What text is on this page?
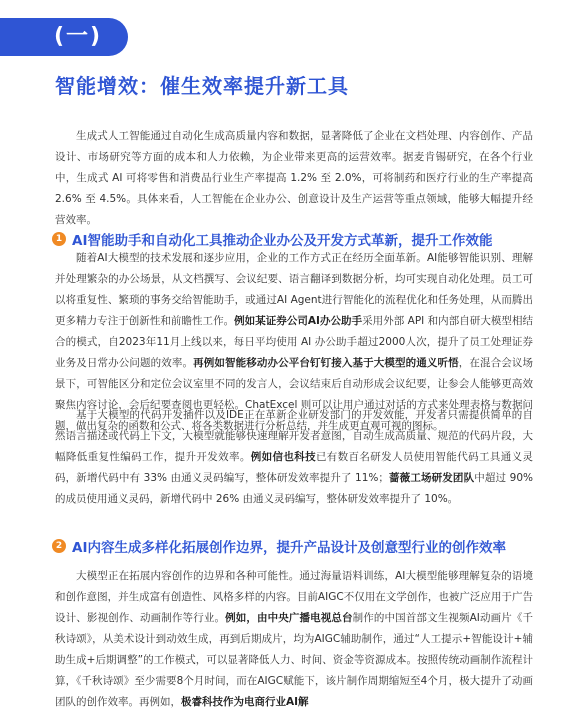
(一)
智能增效：催生效率提升新工具
生成式人工智能通过自动化生成高质量内容和数据，显著降低了企业在文档处理、内容创作、产品设计、市场研究等方面的成本和人力依赖，为企业带来更高的运营效率。据麦肯锡研究，在各个行业中，生成式 AI 可将零售和消费品行业生产率提高 1.2% 至 2.0%，可将制药和医疗行业的生产率提高 2.6% 至 4.5%。具体来看，人工智能在企业办公、创意设计及生产运营等重点领域，能够大幅提升经营效率。
1 AI智能助手和自动化工具推动企业办公及开发方式革新，提升工作效能
随着AI大模型的技术发展和逐步应用，企业的工作方式正在经历全面革新。AI能够智能识别、理解并处理繁杂的办公场景，从文档撰写、会议纪要、语言翻译到数据分析，均可实现自动化处理。员工可以将重复性、繁琐的事务交给智能助手，或通过AI Agent进行智能化的流程优化和任务处理，从而腾出更多精力专注于创新性和前瞻性工作。例如某证券公司AI办公助手采用外部 API 和内部自研大模型相结合的模式，自2023年11月上线以来，每日平均使用 AI 办公助手超过2000人次，提升了员工处理证券业务及日常办公问题的效率。再例如智能移动办公平台钉钉接入基于大模型的通义听悟，在混合会议场景下，可智能区分和定位会议室里不同的发言人，会议结束后自动形成会议纪要，让参会人能够更高效聚焦内容讨论，会后纪要查阅也更轻松。ChatExcel 则可以让用户通过对话的方式来处理表格与数据问题，做出复杂的函数和公式、将各类数据进行分析总结，并生成更直观可视的图标。
基于大模型的代码开发插件以及IDE正在革新企业研发部门的开发效能，开发者只需提供简单的自然语言描述或代码上下文，大模型就能够快速理解开发者意图，自动生成高质量、规范的代码片段，大幅降低重复性编码工作，提升开发效率。例如信也科技已有数百名研发人员使用智能代码工具通义灵码，新增代码中有 33% 由通义灵码编写，整体研发效率提升了 11%；蔷薇工场研发团队中超过 90% 的成员使用通义灵码，新增代码中 26% 由通义灵码编写，整体研发效率提升了 10%。
2 AI内容生成多样化拓展创作边界，提升产品设计及创意型行业的创作效率
大模型正在拓展内容创作的边界和各种可能性。通过海量语料训练，AI大模型能够理解复杂的语境和创作意图，并生成富有创造性、风格多样的内容。目前AIGC不仅用在文学创作，也被广泛应用于广告设计、影视创作、动画制作等行业。例如，由中央广播电视总台制作的中国首部文生视频AI动画片《千秋诗颂》，从美术设计到动效生成，再到后期成片，均为AIGC辅助制作，通过“人工提示+智能设计+辅助生成+后期调整”的工作模式，可以显著降低人力、时间、资金等资源成本。按照传统动画制作流程计算，《千秋诗颂》至少需要8个月时间，而在AIGC赋能下，该片制作周期缩短至4个月，极大提升了动画团队的创作效率。再例如，极睿科技作为电商行业AI解
